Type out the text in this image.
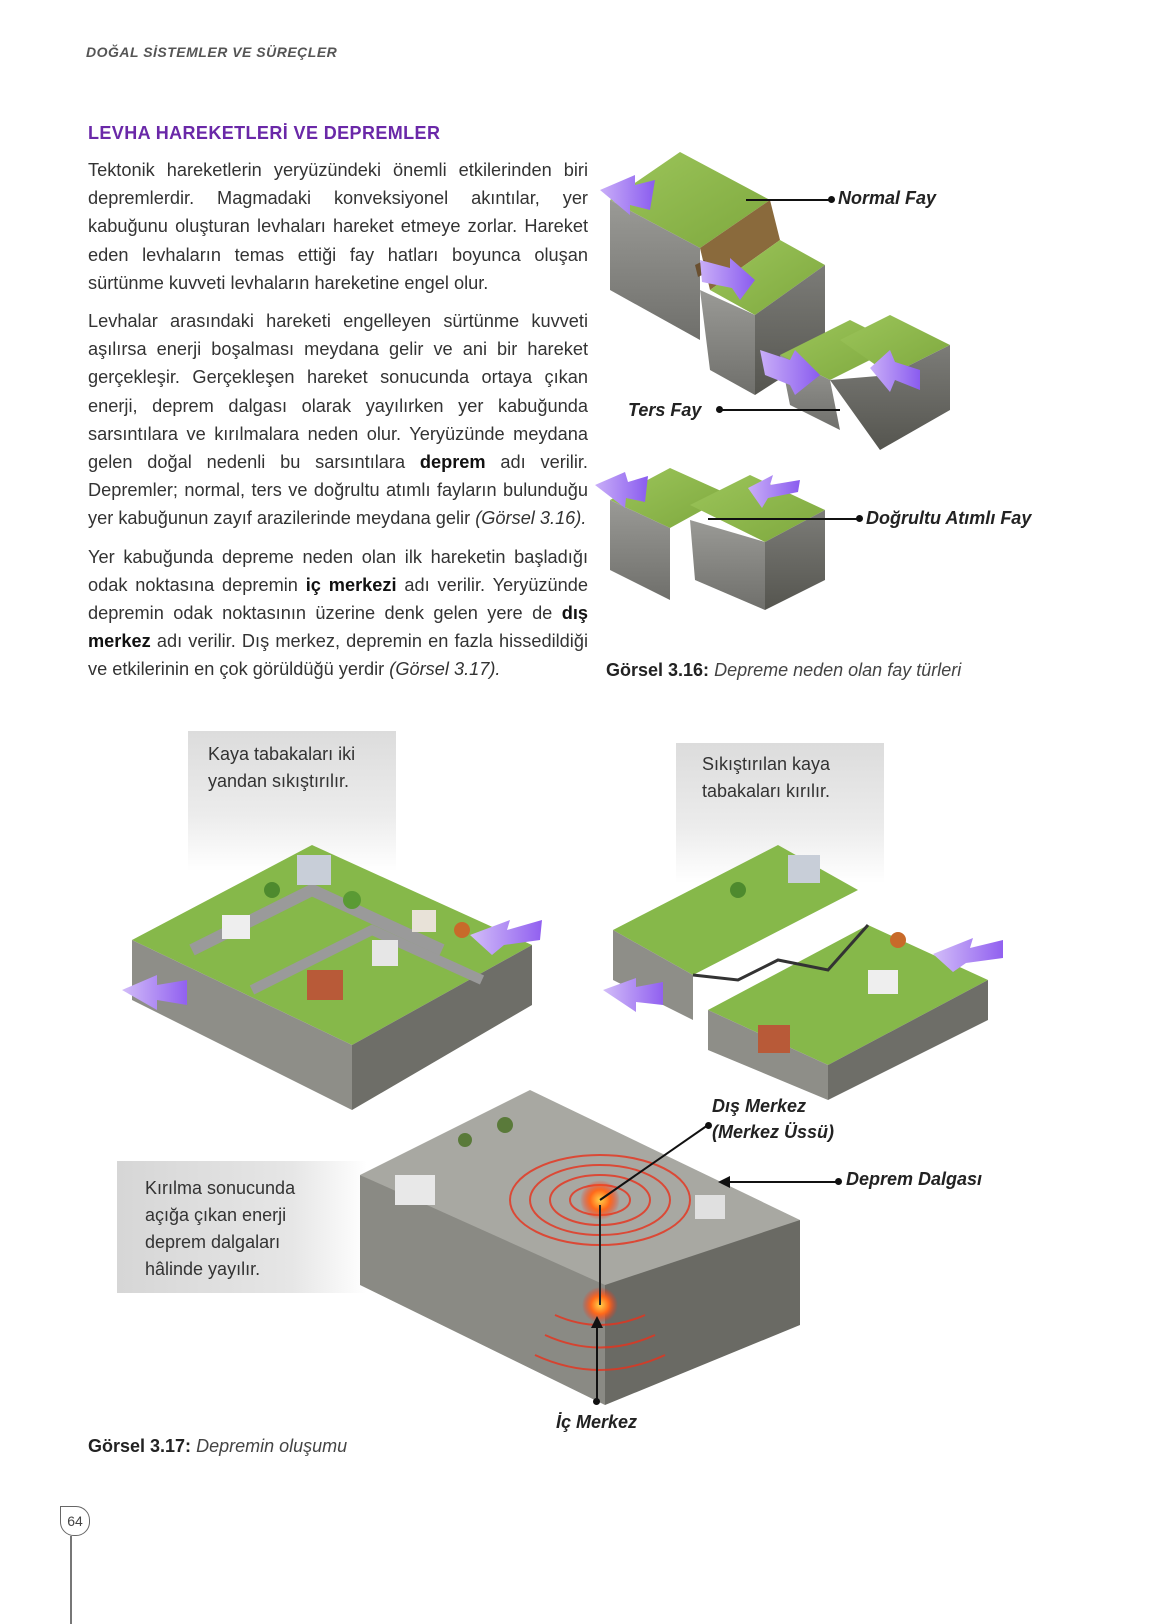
DOĞAL SİSTEMLER VE SÜREÇLER
LEVHA HAREKETLERİ VE DEPREMLER

Tektonik hareketlerin yeryüzündeki önemli etkilerinden biri depremlerdir. Magmadaki konveksiyonel akıntılar, yer kabuğunu oluşturan levhaları hareket etmeye zorlar. Hareket eden levhaların temas ettiği fay hatları boyunca oluşan sürtünme kuvveti levhaların hareketine engel olur.

Levhalar arasındaki hareketi engelleyen sürtünme kuvveti aşılırsa enerji boşalması meydana gelir ve ani bir hareket gerçekleşir. Gerçekleşen hareket sonucunda ortaya çıkan enerji, deprem dalgası olarak yayılırken yer kabuğunda sarsıntılara ve kırılmalara neden olur. Yeryüzünde meydana gelen doğal nedenli bu sarsıntılara deprem adı verilir. Depremler; normal, ters ve doğrultu atımlı fayların bulunduğu yer kabuğunun zayıf arazilerinde meydana gelir (Görsel 3.16).

Yer kabuğunda depreme neden olan ilk hareketin başladığı odak noktasına depremin iç merkezi adı verilir. Yeryüzünde depremin odak noktasının üzerine denk gelen yere de dış merkez adı verilir. Dış merkez, depremin en fazla hissedildiği ve etkilerinin en çok görüldüğü yerdir (Görsel 3.17).

Normal Fay
Ters Fay
Doğrultu Atımlı Fay
Görsel 3.16: Depreme neden olan fay türleri
Kaya tabakaları iki yandan sıkıştırılır.
Sıkıştırılan kaya tabakaları kırılır.
Kırılma sonucunda açığa çıkan enerji deprem dalgaları hâlinde yayılır.
Dış Merkez
(Merkez Üssü)
Deprem Dalgası
İç Merkez
Görsel 3.17: Depremin oluşumu
64
